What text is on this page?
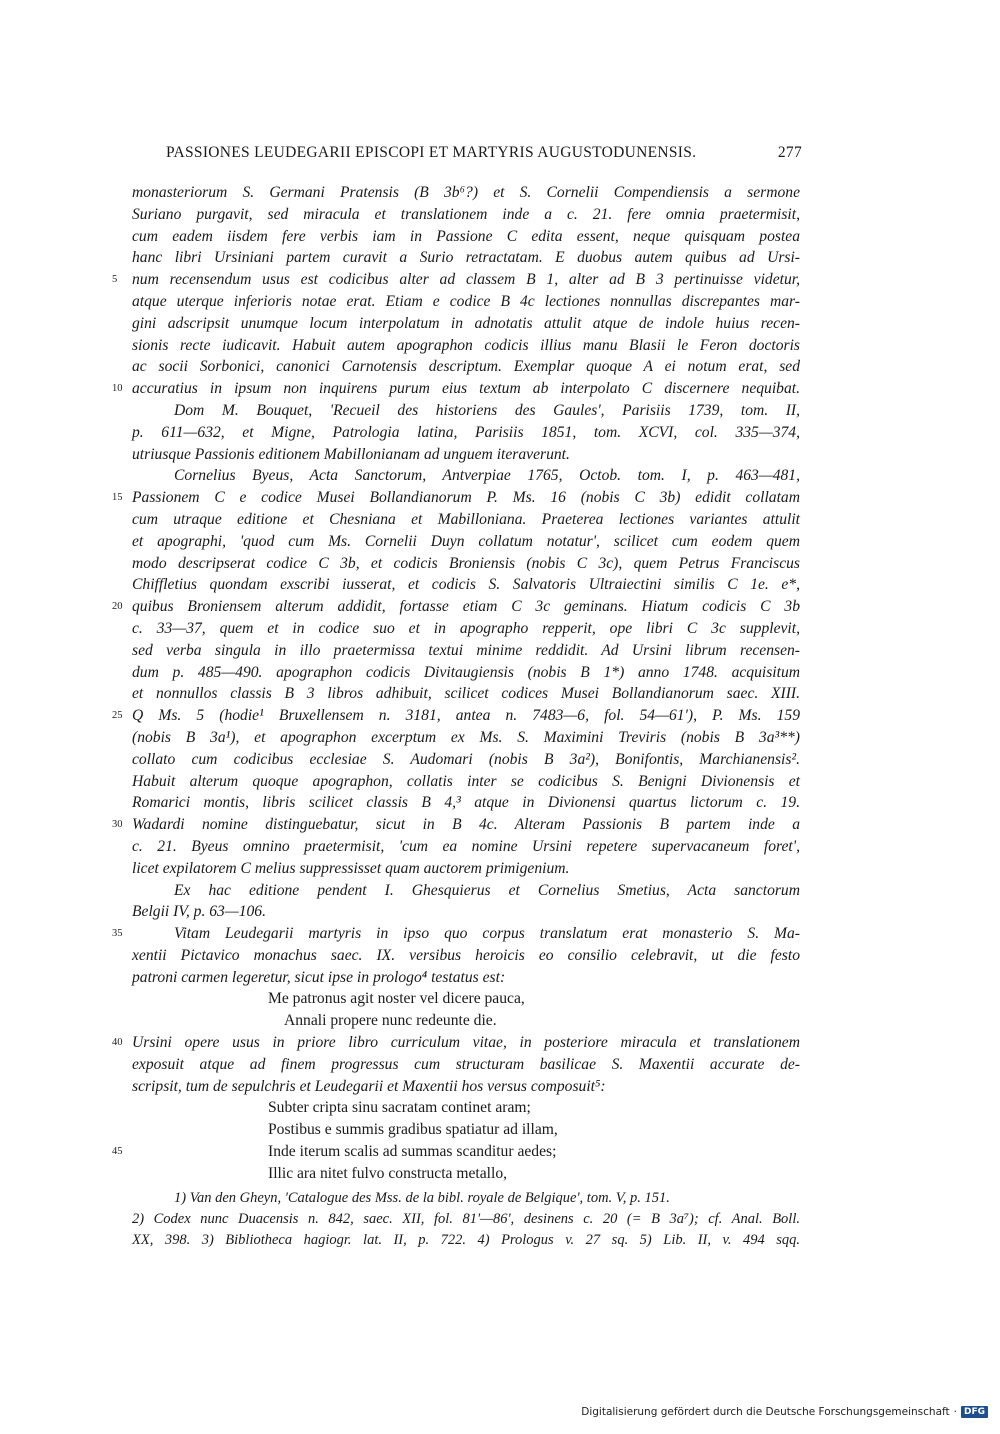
PASSIONES LEUDEGARII EPISCOPI ET MARTYRIS AUGUSTODUNENSIS.	277
monasteriorum S. Germani Pratensis (B 3b⁶?) et S. Cornelii Compendiensis a sermone
Suriano purgavit, sed miracula et translationem inde a c. 21. fere omnia praetermisit,
cum eadem iisdem fere verbis iam in Passione C edita essent, neque quisquam postea
hanc libri Ursiniani partem curavit a Surio retractatam. E duobus autem quibus ad Ursi-
5 num recensendum usus est codicibus alter ad classem B 1, alter ad B 3 pertinuisse videtur,
atque uterque inferioris notae erat. Etiam e codice B 4c lectiones nonnullas discrepantes mar-
gini adscripsit unumque locum interpolatum in adnotatis attulit atque de indole huius recen-
sionis recte iudicavit. Habuit autem apographon codicis illius manu Blasii le Feron doctoris
ac socii Sorbonici, canonici Carnotensis descriptum. Exemplar quoque A ei notum erat, sed
10 accuratius in ipsum non inquirens purum eius textum ab interpolato C discernere nequibat.
Dom M. Bouquet, 'Recueil des historiens des Gaules', Parisiis 1739, tom. II,
p. 611—632, et Migne, Patrologia latina, Parisiis 1851, tom. XCVI, col. 335—374,
utriusque Passionis editionem Mabillonianam ad unguem iteraverunt.
Cornelius Byeus, Acta Sanctorum, Antverpiae 1765, Octob. tom. I, p. 463—481,
15 Passionem C e codice Musei Bollandianorum P. Ms. 16 (nobis C 3b) edidit collatam
cum utraque editione et Chesniana et Mabilloniana. Praeterea lectiones variantes attulit
et apographi, 'quod cum Ms. Cornelii Duyn collatum notatur', scilicet cum eodem quem
modo descripserat codice C 3b, et codicis Broniensis (nobis C 3c), quem Petrus Franciscus
Chiffletius quondam exscribi iusserat, et codicis S. Salvatoris Ultraiectini similis C 1e. e*,
20 quibus Broniensem alterum addidit, fortasse etiam C 3c geminans. Hiatum codicis C 3b
c. 33—37, quem et in codice suo et in apographo repperit, ope libri C 3c supplevit,
sed verba singula in illo praetermissa textui minime reddidit. Ad Ursini librum recensen-
dum p. 485—490. apographon codicis Divitaugiensis (nobis B 1*) anno 1748. acquisitum
et nonnullos classis B 3 libros adhibuit, scilicet codices Musei Bollandianorum saec. XIII.
25 Q Ms. 5 (hodie¹ Bruxellensem n. 3181, antea n. 7483—6, fol. 54—61'), P. Ms. 159
(nobis B 3a¹), et apographon excerptum ex Ms. S. Maximini Treviris (nobis B 3a³**)
collato cum codicibus ecclesiae S. Audomari (nobis B 3a²), Bonifontis, Marchianensis².
Habuit alterum quoque apographon, collatis inter se codicibus S. Benigni Divionensis et
Romarici montis, libris scilicet classis B 4,³ atque in Divionensi quartus lictorum c. 19.
30 Wadardi nomine distinguebatur, sicut in B 4c. Alteram Passionis B partem inde a
c. 21. Byeus omnino praetermisit, 'cum ea nomine Ursini repetere supervacaneum foret',
licet expilatorem C melius suppressisset quam auctorem primigenium.
Ex hac editione pendent I. Ghesquierus et Cornelius Smetius, Acta sanctorum
Belgii IV, p. 63—106.
35	Vitam Leudegarii martyris in ipso quo corpus translatum erat monasterio S. Ma-
xentii Pictavico monachus saec. IX. versibus heroicis eo consilio celebravit, ut die festo
patroni carmen legeretur, sicut ipse in prologo⁴ testatus est:
Me patronus agit noster vel dicere pauca,
Annali propere nunc redeunte die.
40 Ursini opere usus in priore libro curriculum vitae, in posteriore miracula et translationem
exposuit atque ad finem progressus cum structuram basilicae S. Maxentii accurate de-
scripsit, tum de sepulchris et Leudegarii et Maxentii hos versus composuit⁵:
Subter cripta sinu sacratam continet aram;
Postibus e summis gradibus spatiatur ad illam,
45	Inde iterum scalis ad summas scanditur aedes;
Illic ara nitet fulvo constructa metallo,
1) Van den Gheyn, 'Catalogue des Mss. de la bibl. royale de Belgique', tom. V, p. 151.
2) Codex nunc Duacensis n. 842, saec. XII, fol. 81'—86', desinens c. 20 (= B 3a⁷); cf. Anal. Boll.
XX, 398. 3) Bibliotheca hagiogr. lat. II, p. 722. 4) Prologus v. 27 sq. 5) Lib. II, v. 494 sqq.
Digitalisierung gefördert durch die Deutsche Forschungsgemeinschaft · DFG
